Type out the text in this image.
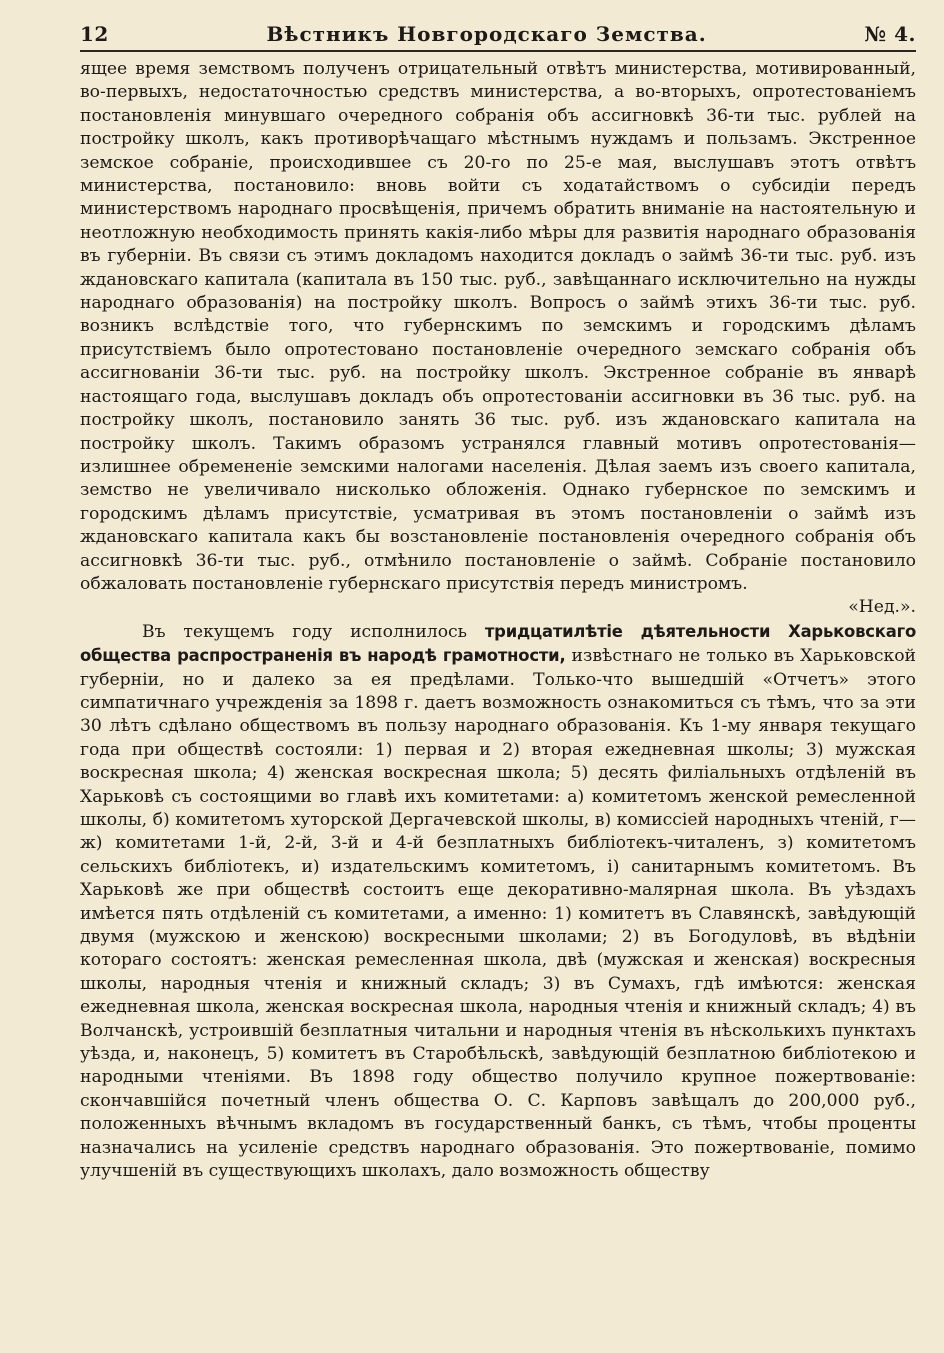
12	Вѣстникъ Новгородскаго Земства.	№ 4.

ящее время земствомъ полученъ отрицательный отвѣтъ министерства, мотивированный, во-первыхъ, недостаточностью средствъ министерства, а во-вторыхъ, опротестованіемъ постановленія минувшаго очередного собранія объ ассигновкѣ 36-ти тыс. рублей на постройку школъ, какъ противорѣчащаго мѣстнымъ нуждамъ и пользамъ. Экстренное земское собраніе, происходившее съ 20-го по 25-е мая, выслушавъ этотъ отвѣтъ министерства, постановило: вновь войти съ ходатайствомъ о субсидіи передъ министерствомъ народнаго просвѣщенія, причемъ обратить вниманіе на настоятельную и неотложную необходимость принять какія-либо мѣры для развитія народнаго образованія въ губерніи. Въ связи съ этимъ докладомъ находится докладъ о займѣ 36-ти тыс. руб. изъ ждановскаго капитала (капитала въ 150 тыс. руб., завѣщаннаго исключительно на нужды народнаго образованія) на постройку школъ. Вопросъ о займѣ этихъ 36-ти тыс. руб. возникъ вслѣдствіе того, что губернскимъ по земскимъ и городскимъ дѣламъ присутствіемъ было опротестовано постановленіе очередного земскаго собранія объ ассигнованіи 36-ти тыс. руб. на постройку школъ. Экстренное собраніе въ январѣ настоящаго года, выслушавъ докладъ объ опротестованіи ассигновки въ 36 тыс. руб. на постройку школъ, постановило занять 36 тыс. руб. изъ ждановскаго капитала на постройку школъ. Такимъ образомъ устранялся главный мотивъ опротестованія—излишнее обремененіе земскими налогами населенія. Дѣлая заемъ изъ своего капитала, земство не увеличивало нисколько обложенія. Однако губернское по земскимъ и городскимъ дѣламъ присутствіе, усматривая въ этомъ постановленіи о займѣ изъ ждановскаго капитала какъ бы возстановленіе постановленія очередного собранія объ ассигновкѣ 36-ти тыс. руб., отмѣнило постановленіе о займѣ. Собраніе постановило обжаловать постановленіе губернскаго присутствія передъ министромъ.

«Нед.».

Въ текущемъ году исполнилось тридцатилѣтіе дѣятельности Харьковскаго общества распространенія въ народѣ грамотности, извѣстнаго не только въ Харьковской губерніи, но и далеко за ея предѣлами. Только-что вышедшій «Отчетъ» этого симпатичнаго учрежденія за 1898 г. даетъ возможность ознакомиться съ тѣмъ, что за эти 30 лѣтъ сдѣлано обществомъ въ пользу народнаго образованія. Къ 1-му января текущаго года при обществѣ состояли: 1) первая и 2) вторая ежедневная школы; 3) мужская воскресная школа; 4) женская воскресная школа; 5) десять филіальныхъ отдѣленій въ Харьковѣ съ состоящими во главѣ ихъ комитетами: а) комитетомъ женской ремесленной школы, б) комитетомъ хуторской Дергачевской школы, в) комиссіей народныхъ чтеній, г—ж) комитетами 1-й, 2-й, 3-й и 4-й безплатныхъ библіотекъ-читаленъ, з) комитетомъ сельскихъ библіотекъ, и) издательскимъ комитетомъ, і) санитарнымъ комитетомъ. Въ Харьковѣ же при обществѣ состоитъ еще декоративно-малярная школа. Въ уѣздахъ имѣется пять отдѣленій съ комитетами, а именно: 1) комитетъ въ Славянскѣ, завѣдующій двумя (мужскою и женскою) воскресными школами; 2) въ Богодуловѣ, въ вѣдѣніи котораго состоятъ: женская ремесленная школа, двѣ (мужская и женская) воскресныя школы, народныя чтенія и книжный складъ; 3) въ Сумахъ, гдѣ имѣются: женская ежедневная школа, женская воскресная школа, народныя чтенія и книжный складъ; 4) въ Волчанскѣ, устроившій безплатныя читальни и народныя чтенія въ нѣсколькихъ пунктахъ уѣзда, и, наконецъ, 5) комитетъ въ Старобѣльскѣ, завѣдующій безплатною библіотекою и народными чтеніями. Въ 1898 году общество получило крупное пожертвованіе: скончавшійся почетный членъ общества О. С. Карповъ завѣщалъ до 200,000 руб., положенныхъ вѣчнымъ вкладомъ въ государственный банкъ, съ тѣмъ, чтобы проценты назначались на усиленіе средствъ народнаго образованія. Это пожертвованіе, помимо улучшеній въ существующихъ школахъ, дало возможность обществу
